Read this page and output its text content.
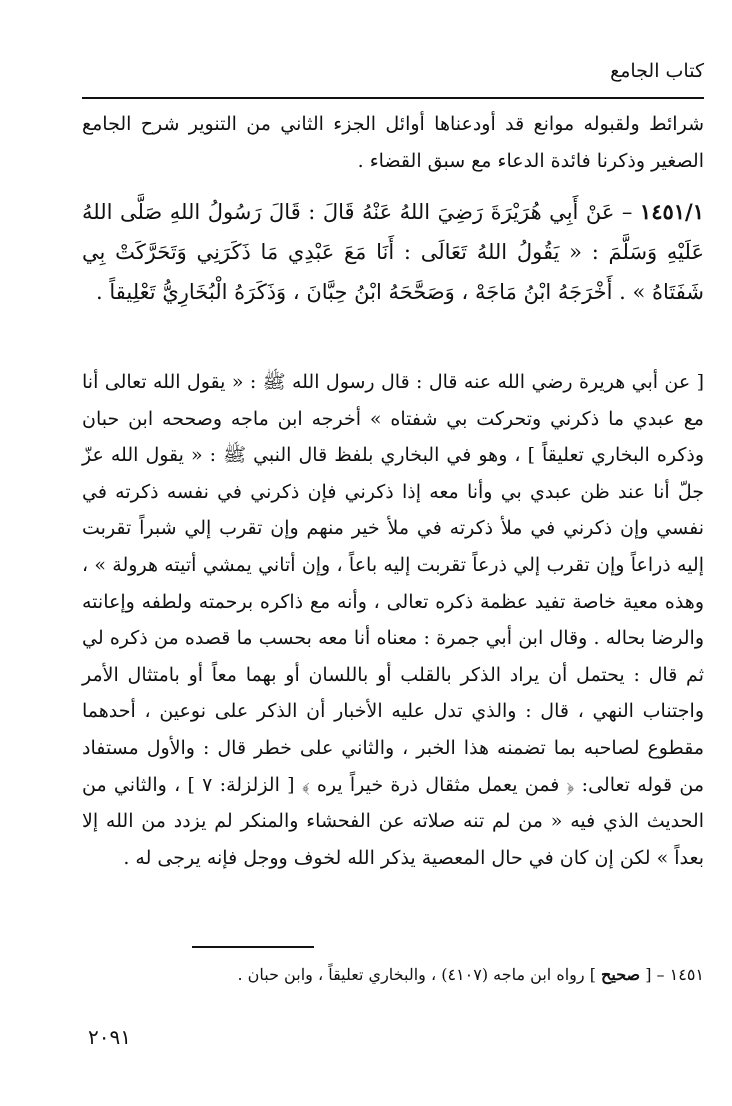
كتاب الجامع

شرائط ولقبوله موانع قد أودعناها أوائل الجزء الثاني من التنوير شرح الجامع الصغير وذكرنا فائدة الدعاء مع سبق القضاء .

١٤٥١/١ – عَنْ أَبِي هُرَيْرَةَ رَضِيَ اللهُ عَنْهُ قَالَ : قَالَ رَسُولُ اللهِ صَلَّى اللهُ عَلَيْهِ وَسَلَّمَ : « يَقُولُ اللهُ تَعَالَى : أَنَا مَعَ عَبْدِي مَا ذَكَرَنِي وَتَحَرَّكَتْ بِي شَفَتَاهُ » . أَخْرَجَهُ ابْنُ مَاجَهْ ، وَصَحَّحَهُ ابْنُ حِبَّانَ ، وَذَكَرَهُ الْبُخَارِيُّ تَعْلِيقاً .

[ عن أبي هريرة رضي الله عنه قال : قال رسول الله ﷺ : « يقول الله تعالى أنا مع عبدي ما ذكرني وتحركت بي شفتاه » أخرجه ابن ماجه وصححه ابن حبان وذكره البخاري تعليقاً ] ، وهو في البخاري بلفظ قال النبي ﷺ : « يقول الله عزّ جلّ أنا عند ظن عبدي بي وأنا معه إذا ذكرني فإن ذكرني في نفسه ذكرته في نفسي وإن ذكرني في ملأ ذكرته في ملأ خير منهم وإن تقرب إلي شبراً تقربت إليه ذراعاً وإن تقرب إلي ذرعاً تقربت إليه باعاً ، وإن أتاني يمشي أتيته هرولة » ، وهذه معية خاصة تفيد عظمة ذكره تعالى ، وأنه مع ذاكره برحمته ولطفه وإعانته والرضا بحاله . وقال ابن أبي جمرة : معناه أنا معه بحسب ما قصده من ذكره لي ثم قال : يحتمل أن يراد الذكر بالقلب أو باللسان أو بهما معاً أو بامتثال الأمر واجتناب النهي ، قال : والذي تدل عليه الأخبار أن الذكر على نوعين ، أحدهما مقطوع لصاحبه بما تضمنه هذا الخبر ، والثاني على خطر قال : والأول مستفاد من قوله تعالى: ﴿ فمن يعمل مثقال ذرة خيراً يره ﴾ [ الزلزلة: ٧ ] ، والثاني من الحديث الذي فيه « من لم تنه صلاته عن الفحشاء والمنكر لم يزدد من الله إلا بعداً » لكن إن كان في حال المعصية يذكر الله لخوف ووجل فإنه يرجى له .

١٤٥١ – [ صحيح ] رواه ابن ماجه (٤١٠٧) ، والبخاري تعليقاً ، وابن حبان .
٢٠٩١
